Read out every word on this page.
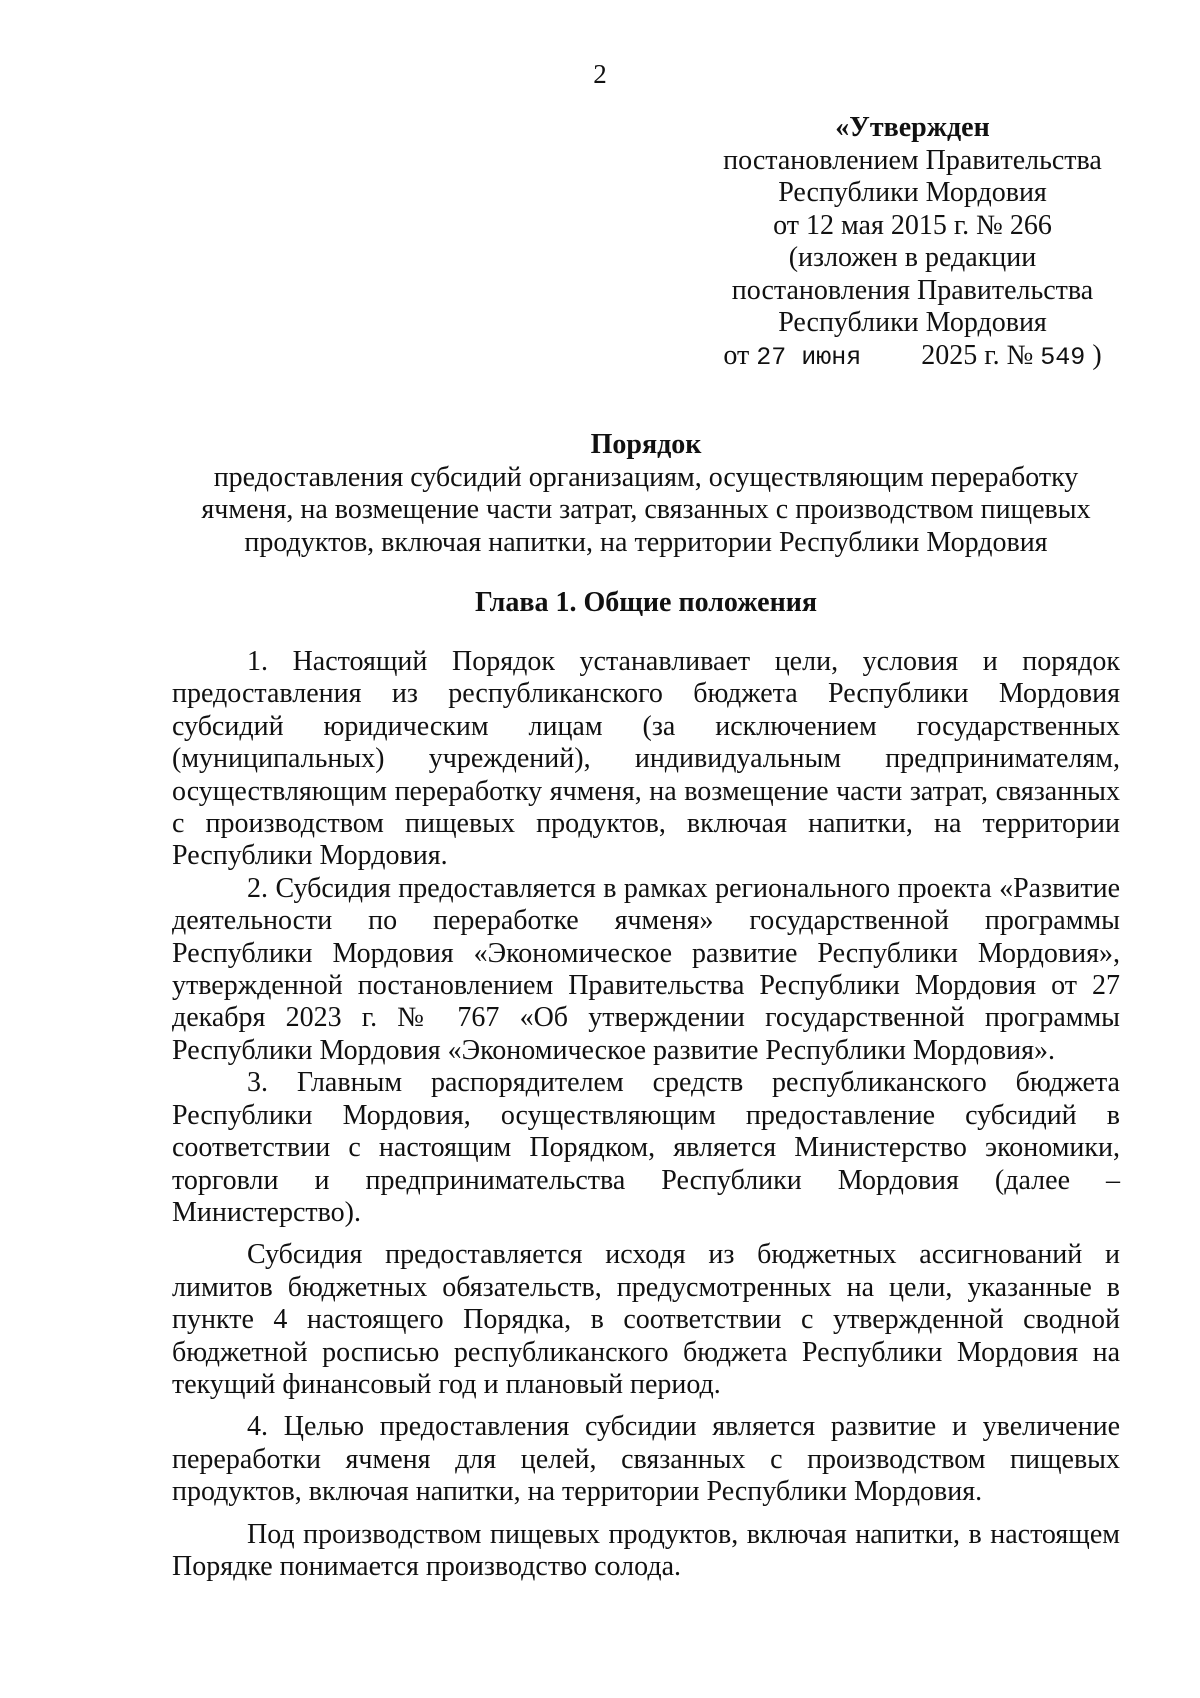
2
«Утвержден
постановлением Правительства
Республики Мордовия
от 12 мая 2015 г. № 266
(изложен в редакции
постановления Правительства
Республики Мордовия
от 27 июня 2025 г. № 549 )
Порядок
предоставления субсидий организациям, осуществляющим переработку ячменя, на возмещение части затрат, связанных с производством пищевых продуктов, включая напитки, на территории Республики Мордовия
Глава 1. Общие положения

1. Настоящий Порядок устанавливает цели, условия и порядок предоставления из республиканского бюджета Республики Мордовия субсидий юридическим лицам (за исключением государственных (муниципальных) учреждений), индивидуальным предпринимателям, осуществляющим переработку ячменя, на возмещение части затрат, связанных с производством пищевых продуктов, включая напитки, на территории Республики Мордовия.

2. Субсидия предоставляется в рамках регионального проекта «Развитие деятельности по переработке ячменя» государственной программы Республики Мордовия «Экономическое развитие Республики Мордовия», утвержденной постановлением Правительства Республики Мордовия от 27 декабря 2023 г. № 767 «Об утверждении государственной программы Республики Мордовия «Экономическое развитие Республики Мордовия».

3. Главным распорядителем средств республиканского бюджета Республики Мордовия, осуществляющим предоставление субсидий в соответствии с настоящим Порядком, является Министерство экономики, торговли и предпринимательства Республики Мордовия (далее – Министерство).

Субсидия предоставляется исходя из бюджетных ассигнований и лимитов бюджетных обязательств, предусмотренных на цели, указанные в пункте 4 настоящего Порядка, в соответствии с утвержденной сводной бюджетной росписью республиканского бюджета Республики Мордовия на текущий финансовый год и плановый период.

4. Целью предоставления субсидии является развитие и увеличение переработки ячменя для целей, связанных с производством пищевых продуктов, включая напитки, на территории Республики Мордовия.

Под производством пищевых продуктов, включая напитки, в настоящем Порядке понимается производство солода.
